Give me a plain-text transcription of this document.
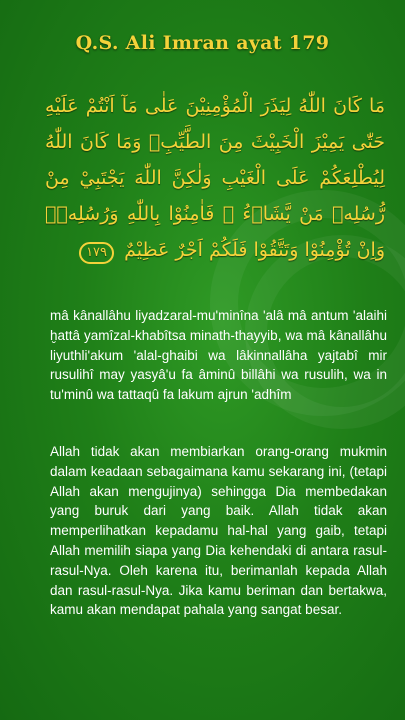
Q.S. Ali Imran ayat 179
مَا كَانَ اللّٰهُ لِيَذَرَ الْمُؤْمِنِيْنَ عَلٰى مَآ اَنْتُمْ عَلَيْهِ حَتّٰى يَمِيْزَ الْخَبِيْثَ مِنَ الطَّيِّبِۗ وَمَا كَانَ اللّٰهُ لِيُطْلِعَكُمْ عَلَى الْغَيْبِ وَلٰكِنَّ اللّٰهَ يَجْتَبِيْ مِنْ رُّسُلِهٖ مَنْ يَّشَاۤءُ ۖ فَاٰمِنُوْا بِاللّٰهِ وَرُسُلِهٖۚ وَاِنْ تُؤْمِنُوْا وَتَتَّقُوْا فَلَكُمْ اَجْرٌ عَظِيْمٌ ١٧٩
mâ kânallâhu liyadzaral-mu'minîna 'alâ mâ antum 'alaihi ḫattâ yamîzal-khabîtsa minath-thayyib, wa mâ kânallâhu liyuthli'akum 'alal-ghaibi wa lâkinnallâha yajtabî mir rusulihî may yasyâ'u fa âminû billâhi wa rusulih, wa in tu'minû wa tattaqû fa lakum ajrun 'adhîm
Allah tidak akan membiarkan orang-orang mukmin dalam keadaan sebagaimana kamu sekarang ini, (tetapi Allah akan mengujinya) sehingga Dia membedakan yang buruk dari yang baik. Allah tidak akan memperlihatkan kepadamu hal-hal yang gaib, tetapi Allah memilih siapa yang Dia kehendaki di antara rasul-rasul-Nya. Oleh karena itu, berimanlah kepada Allah dan rasul-rasul-Nya. Jika kamu beriman dan bertakwa, kamu akan mendapat pahala yang sangat besar.
